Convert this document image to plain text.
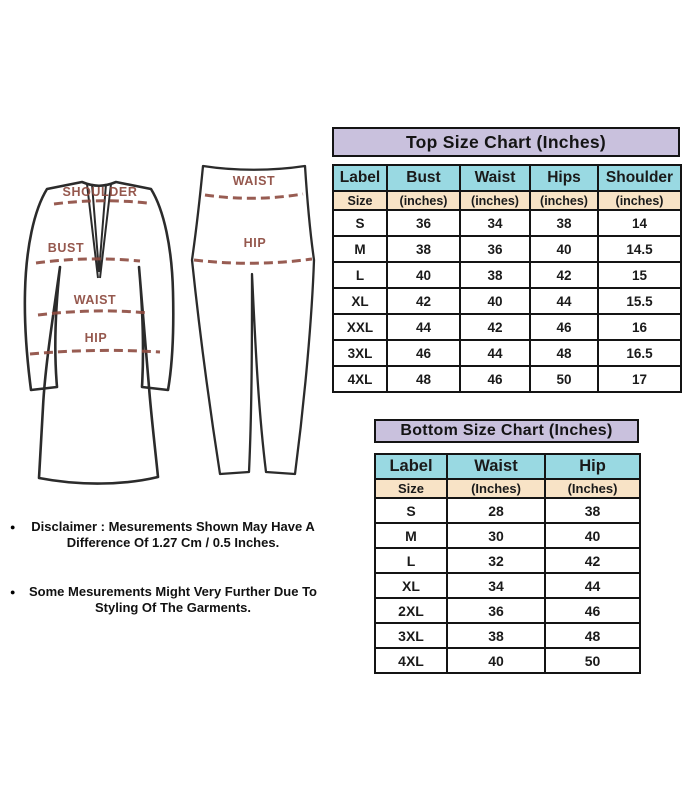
SHOULDER
BUST
WAIST
HIP
WAIST
HIP
Top Size Chart (Inches)
Label	Bust	Waist	Hips	Shoulder
Size	(inches)	(inches)	(inches)	(inches)
S	36	34	38	14
M	38	36	40	14.5
L	40	38	42	15
XL	42	40	44	15.5
XXL	44	42	46	16
3XL	46	44	48	16.5
4XL	48	46	50	17
Bottom Size Chart (Inches)
Label	Waist	Hip
Size	(Inches)	(Inches)
S	28	38
M	30	40
L	32	42
XL	34	44
2XL	36	46
3XL	38	48
4XL	40	50
●	Disclaimer : Mesurements Shown May Have A
Difference Of 1.27 Cm / 0.5 Inches.
●	Some Mesurements Might Very Further Due To
Styling Of The Garments.
